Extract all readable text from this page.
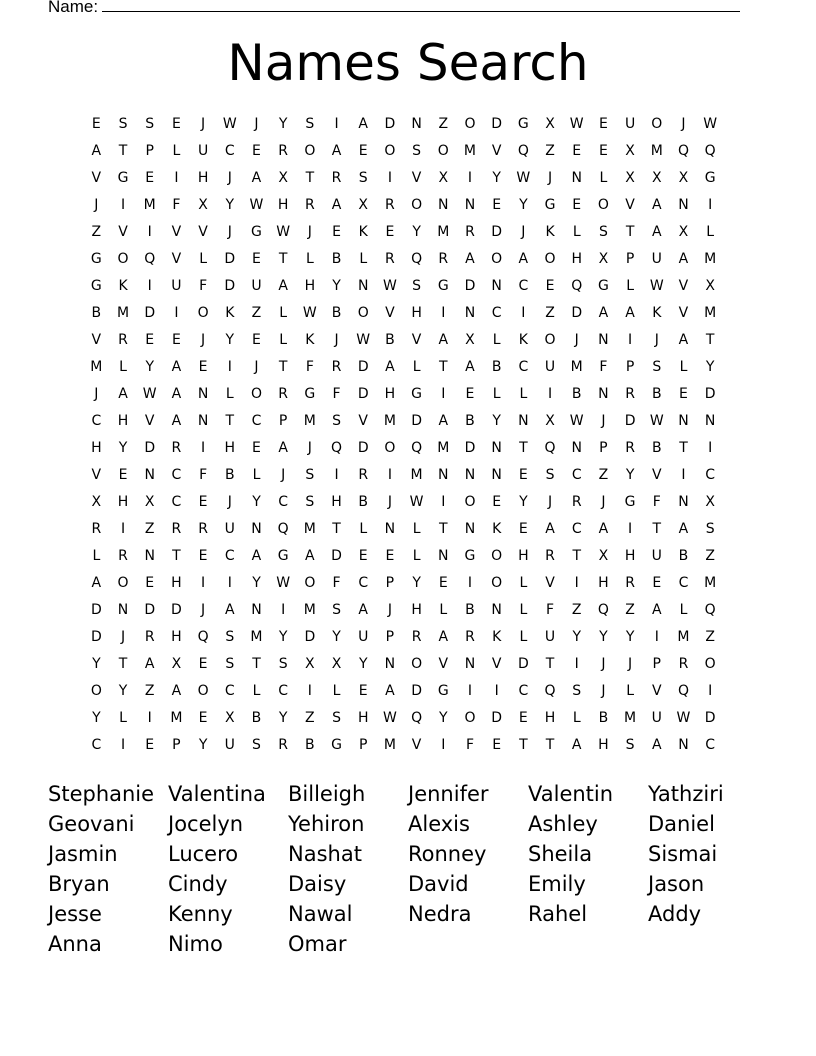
Name:
Names Search
E S S E J W J Y S I A D N Z O D G X W E U O J W
A T P L U C E R O A E O S O M V Q Z E E X M Q Q
V G E I H J A X T R S I V X I Y W J N L X X X G
J I M F X Y W H R A X R O N N E Y G E O V A N I
Z V I V V J G W J E K E Y M R D J K L S T A X L
G O Q V L D E T L B L R Q R A O A O H X P U A M
G K I U F D U A H Y N W S G D N C E Q G L W V X
B M D I O K Z L W B O V H I N C I Z D A A K V M
V R E E J Y E L K J W B V A X L K O J N I J A T
M L Y A E I J T F R D A L T A B C U M F P S L Y
J A W A N L O R G F D H G I E L L I B N R B E D
C H V A N T C P M S V M D A B Y N X W J D W N N
H Y D R I H E A J Q D O Q M D N T Q N P R B T I
V E N C F B L J S I R I M N N N E S C Z Y V I C
X H X C E J Y C S H B J W I O E Y J R J G F N X
R I Z R R U N Q M T L N L T N K E A C A I T A S
L R N T E C A G A D E E L N G O H R T X H U B Z
A O E H I I Y W O F C P Y E I O L V I H R E C M
D N D D J A N I M S A J H L B N L F Z Q Z A L Q
D J R H Q S M Y D Y U P R A R K L U Y Y Y I M Z
Y T A X E S T S X X Y N O V N V D T I J J P R O
O Y Z A O C L C I L E A D G I I C Q S J L V Q I
Y L I M E X B Y Z S H W Q Y O D E H L B M U W D
C I E P Y U S R B G P M V I F E T T A H S A N C
Stephanie Valentina	Billeigh	Jennifer	Valentin	Yathziri
Geovani	Jocelyn	Yehiron	Alexis	Ashley	Daniel
Jasmin	Lucero	Nashat	Ronney	Sheila	Sismai
Bryan	Cindy	Daisy	David	Emily	Jason
Jesse	Kenny	Nawal	Nedra	Rahel	Addy
Anna	Nimo	Omar
